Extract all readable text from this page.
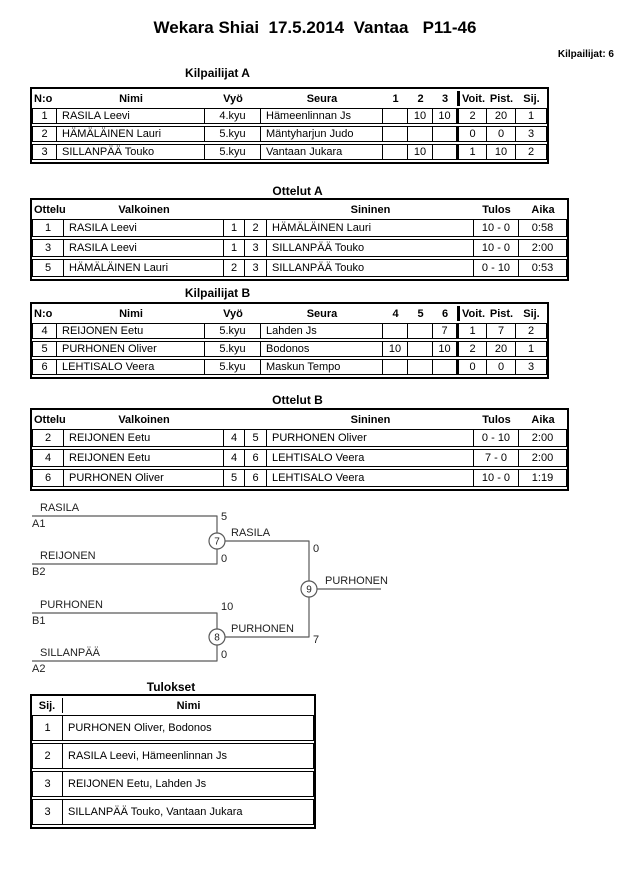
Wekara Shiai  17.5.2014  Vantaa   P11-46
Kilpailijat: 6
Kilpailijat A
N:o	Nimi	Vyö	Seura	1	2	3	Voit.	Pist.	Sij.
1	RASILA Leevi	4.kyu	Hämeenlinnan Js		10	10	2	20	1
2	HÄMÄLÄINEN Lauri	5.kyu	Mäntyharjun Judo				0	0	3
3	SILLANPÄÄ Touko	5.kyu	Vantaan Jukara		10		1	10	2
Ottelut A
Ottelu	Valkoinen			Sininen	Tulos	Aika
1	RASILA Leevi	1	2	HÄMÄLÄINEN Lauri	10 - 0	0:58
3	RASILA Leevi	1	3	SILLANPÄÄ Touko	10 - 0	2:00
5	HÄMÄLÄINEN Lauri	2	3	SILLANPÄÄ Touko	0 - 10	0:53
Kilpailijat B
N:o	Nimi	Vyö	Seura	4	5	6	Voit.	Pist.	Sij.
4	REIJONEN Eetu	5.kyu	Lahden Js			7	1	7	2
5	PURHONEN Oliver	5.kyu	Bodonos	10		10	2	20	1
6	LEHTISALO Veera	5.kyu	Maskun Tempo				0	0	3
Ottelut B
Ottelu	Valkoinen			Sininen	Tulos	Aika
2	REIJONEN Eetu	4	5	PURHONEN Oliver	0 - 10	2:00
4	REIJONEN Eetu	4	6	LEHTISALO Veera	7 - 0	2:00
6	PURHONEN Oliver	5	6	LEHTISALO Veera	10 - 0	1:19
RASILA
A1
5
REIJONEN
B2
0
RASILA
0
PURHONEN
B1
10
SILLANPÄÄ
A2
0
PURHONEN
7
PURHONEN
7
8
9
Tulokset
Sij.	Nimi
1	PURHONEN Oliver, Bodonos
2	RASILA Leevi, Hämeenlinnan Js
3	REIJONEN Eetu, Lahden Js
3	SILLANPÄÄ Touko, Vantaan Jukara
